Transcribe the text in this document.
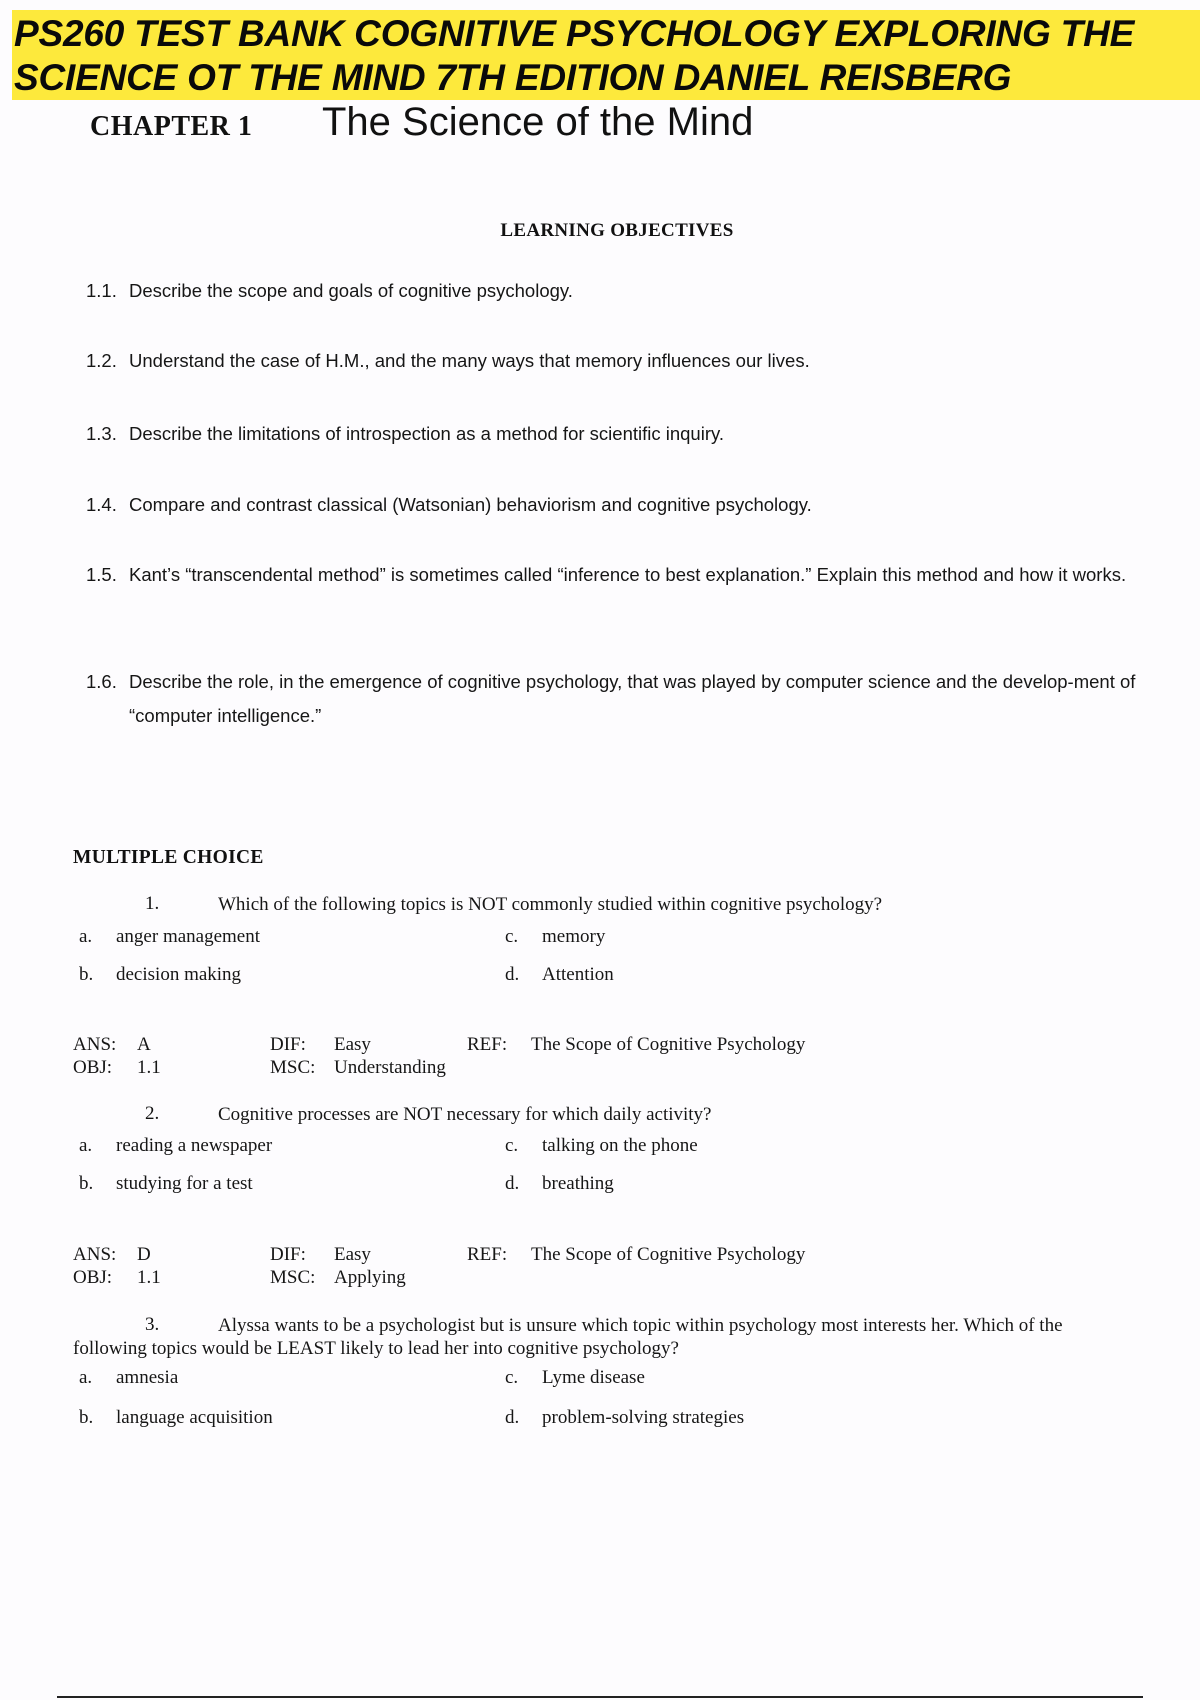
PS260 TEST BANK COGNITIVE PSYCHOLOGY EXPLORING THE
SCIENCE OT THE MIND 7TH EDITION DANIEL REISBERG
CHAPTER 1 The Science of the Mind
LEARNING OBJECTIVES
1.1. Describe the scope and goals of cognitive psychology.
1.2. Understand the case of H.M., and the many ways that memory influences our lives.
1.3. Describe the limitations of introspection as a method for scientific inquiry.
1.4. Compare and contrast classical (Watsonian) behaviorism and cognitive psychology.
1.5. Kant’s “transcendental method” is sometimes called “inference to best explanation.” Explain this method and how it works.
1.6. Describe the role, in the emergence of cognitive psychology, that was played by computer science and the develop-ment of “computer intelligence.”
MULTIPLE CHOICE
1.	Which of the following topics is NOT commonly studied within cognitive psychology?
a. anger management
b. decision making
c. memory
d. Attention
ANS: A	DIF: Easy	REF: The Scope of Cognitive Psychology
OBJ: 1.1	MSC: Understanding
2.	Cognitive processes are NOT necessary for which daily activity?
a. reading a newspaper
b. studying for a test
c. talking on the phone
d. breathing
ANS: D	DIF: Easy	REF: The Scope of Cognitive Psychology
OBJ: 1.1	MSC: Applying
3.	Alyssa wants to be a psychologist but is unsure which topic within psychology most interests her. Which of the
following topics would be LEAST likely to lead her into cognitive psychology?
a. amnesia
b. language acquisition
c. Lyme disease
d. problem-solving strategies
